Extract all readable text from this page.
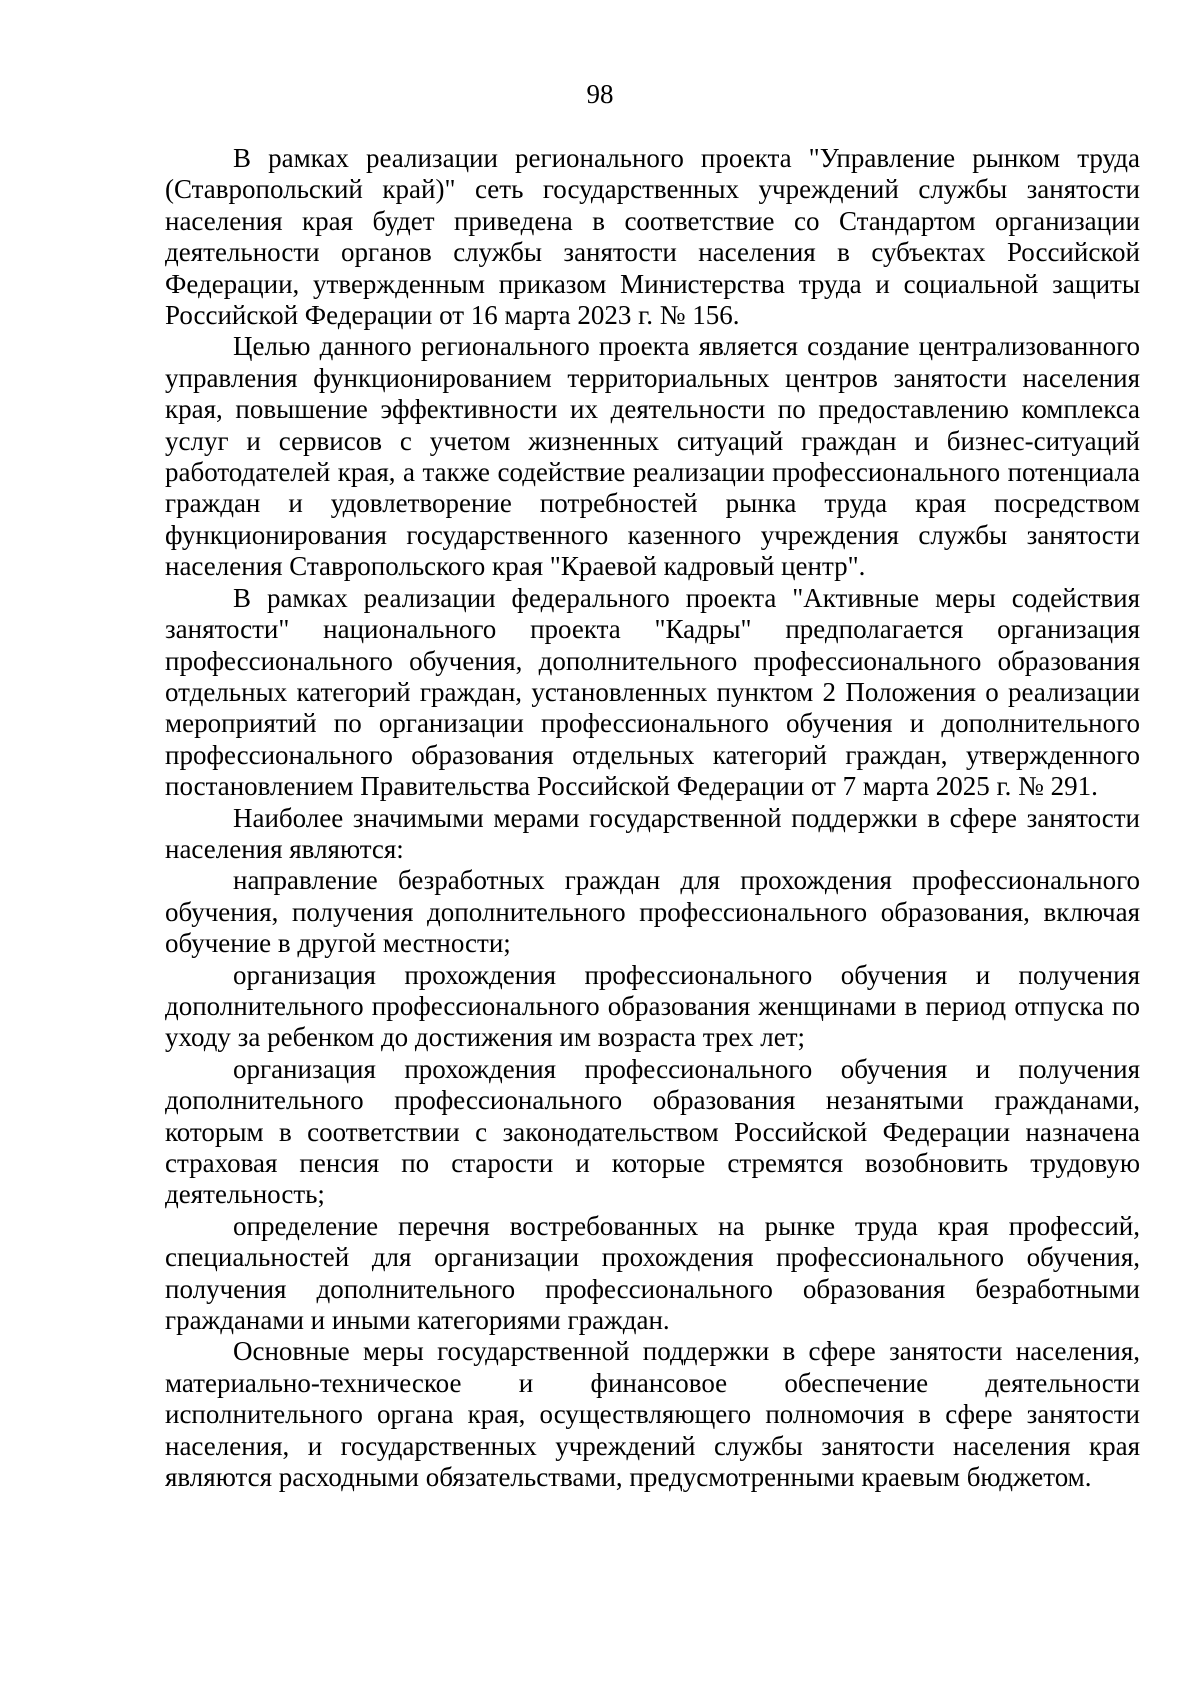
98

В рамках реализации регионального проекта "Управление рынком труда (Ставропольский край)" сеть государственных учреждений службы занятости населения края будет приведена в соответствие со Стандартом организации деятельности органов службы занятости населения в субъектах Российской Федерации, утвержденным приказом Министерства труда и социальной защиты Российской Федерации от 16 марта 2023 г. № 156.

Целью данного регионального проекта является создание централизованного управления функционированием территориальных центров занятости населения края, повышение эффективности их деятельности по предоставлению комплекса услуг и сервисов с учетом жизненных ситуаций граждан и бизнес-ситуаций работодателей края, а также содействие реализации профессионального потенциала граждан и удовлетворение потребностей рынка труда края посредством функционирования государственного казенного учреждения службы занятости населения Ставропольского края "Краевой кадровый центр".

В рамках реализации федерального проекта "Активные меры содействия занятости" национального проекта "Кадры" предполагается организация профессионального обучения, дополнительного профессионального образования отдельных категорий граждан, установленных пунктом 2 Положения о реализации мероприятий по организации профессионального обучения и дополнительного профессионального образования отдельных категорий граждан, утвержденного постановлением Правительства Российской Федерации от 7 марта 2025 г. № 291.

Наиболее значимыми мерами государственной поддержки в сфере занятости населения являются:

направление безработных граждан для прохождения профессионального обучения, получения дополнительного профессионального образования, включая обучение в другой местности;

организация прохождения профессионального обучения и получения дополнительного профессионального образования женщинами в период отпуска по уходу за ребенком до достижения им возраста трех лет;

организация прохождения профессионального обучения и получения дополнительного профессионального образования незанятыми гражданами, которым в соответствии с законодательством Российской Федерации назначена страховая пенсия по старости и которые стремятся возобновить трудовую деятельность;

определение перечня востребованных на рынке труда края профессий, специальностей для организации прохождения профессионального обучения, получения дополнительного профессионального образования безработными гражданами и иными категориями граждан.

Основные меры государственной поддержки в сфере занятости населения, материально-техническое и финансовое обеспечение деятельности исполнительного органа края, осуществляющего полномочия в сфере занятости населения, и государственных учреждений службы занятости населения края являются расходными обязательствами, предусмотренными краевым бюджетом.
